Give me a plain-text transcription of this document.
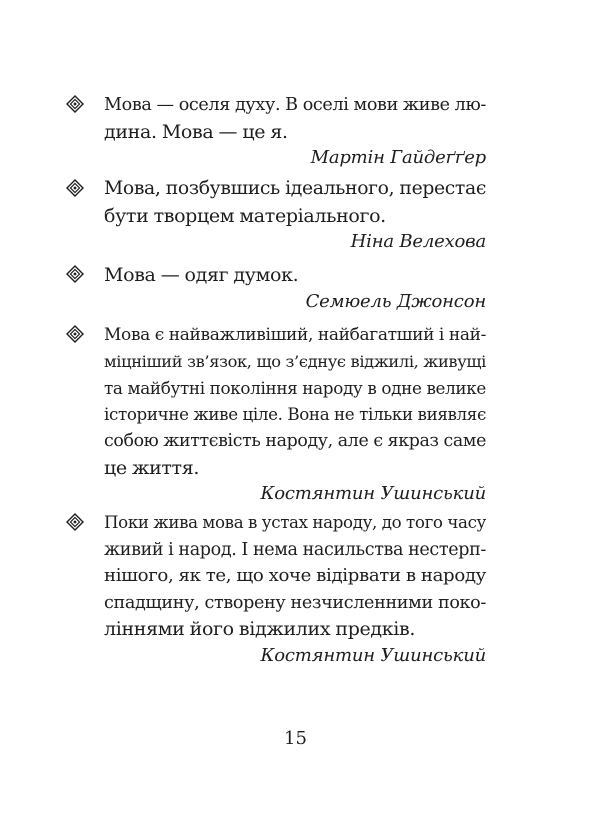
Мова — оселя духу. В оселі мови живе лю-
дина. Мова — це я.
Мартін Гайдеґґер
Мова, позбувшись ідеального, перестає
бути творцем матеріального.
Ніна Велехова
Мова — одяг думок.
Семюель Джонсон
Мова є найважливіший, найбагатший і най-
міцніший зв’язок, що з’єднує віджилі, живущі
та майбутні покоління народу в одне велике
історичне живе ціле. Вона не тільки виявляє
собою життєвість народу, але є якраз саме
це життя.
Костянтин Ушинський
Поки жива мова в устах народу, до того часу
живий і народ. І нема насильства нестерп-
нішого, як те, що хоче відірвати в народу
спадщину, створену незчисленними поко-
ліннями його віджилих предків.
Костянтин Ушинський
15
